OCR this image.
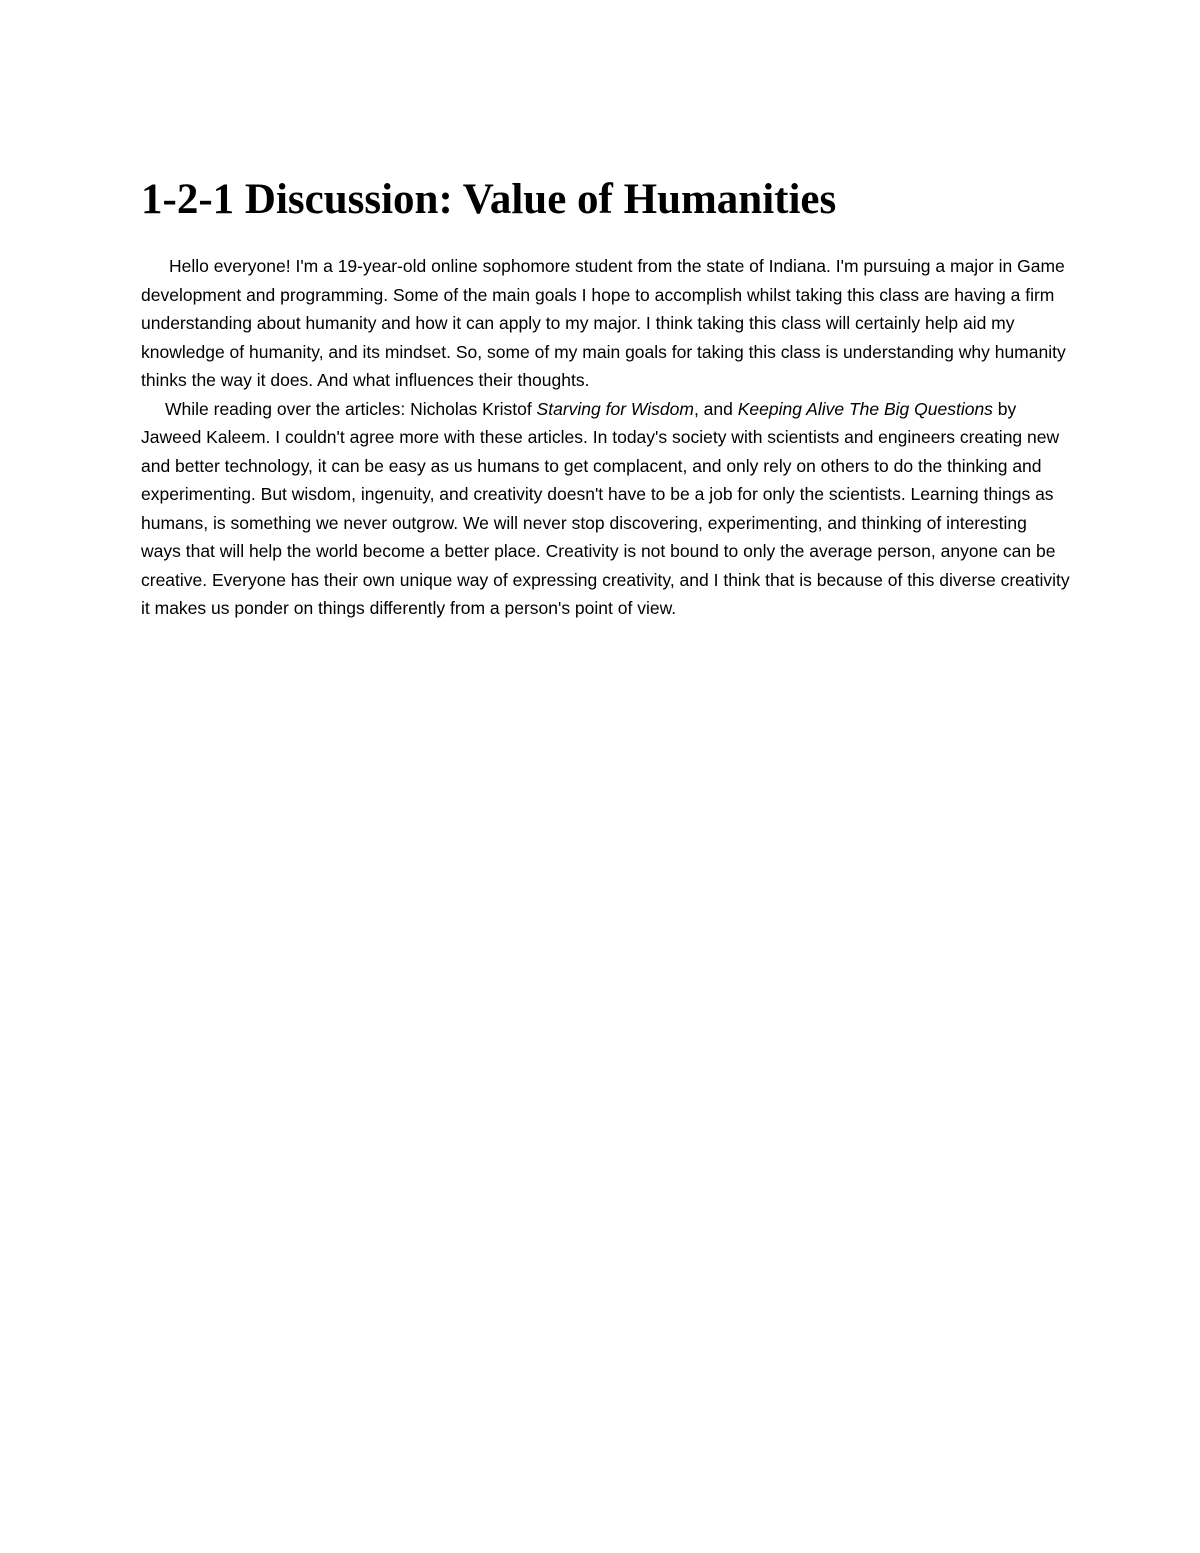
1-2-1 Discussion: Value of Humanities

Hello everyone! I'm a 19-year-old online sophomore student from the state of Indiana. I'm pursuing a major in Game development and programming. Some of the main goals I hope to accomplish whilst taking this class are having a firm understanding about humanity and how it can apply to my major. I think taking this class will certainly help aid my knowledge of humanity, and its mindset. So, some of my main goals for taking this class is understanding why humanity thinks the way it does. And what influences their thoughts.

While reading over the articles: Nicholas Kristof Starving for Wisdom, and Keeping Alive The Big Questions by Jaweed Kaleem. I couldn't agree more with these articles. In today's society with scientists and engineers creating new and better technology, it can be easy as us humans to get complacent, and only rely on others to do the thinking and experimenting. But wisdom, ingenuity, and creativity doesn't have to be a job for only the scientists. Learning things as humans, is something we never outgrow. We will never stop discovering, experimenting, and thinking of interesting ways that will help the world become a better place. Creativity is not bound to only the average person, anyone can be creative. Everyone has their own unique way of expressing creativity, and I think that is because of this diverse creativity it makes us ponder on things differently from a person's point of view.
